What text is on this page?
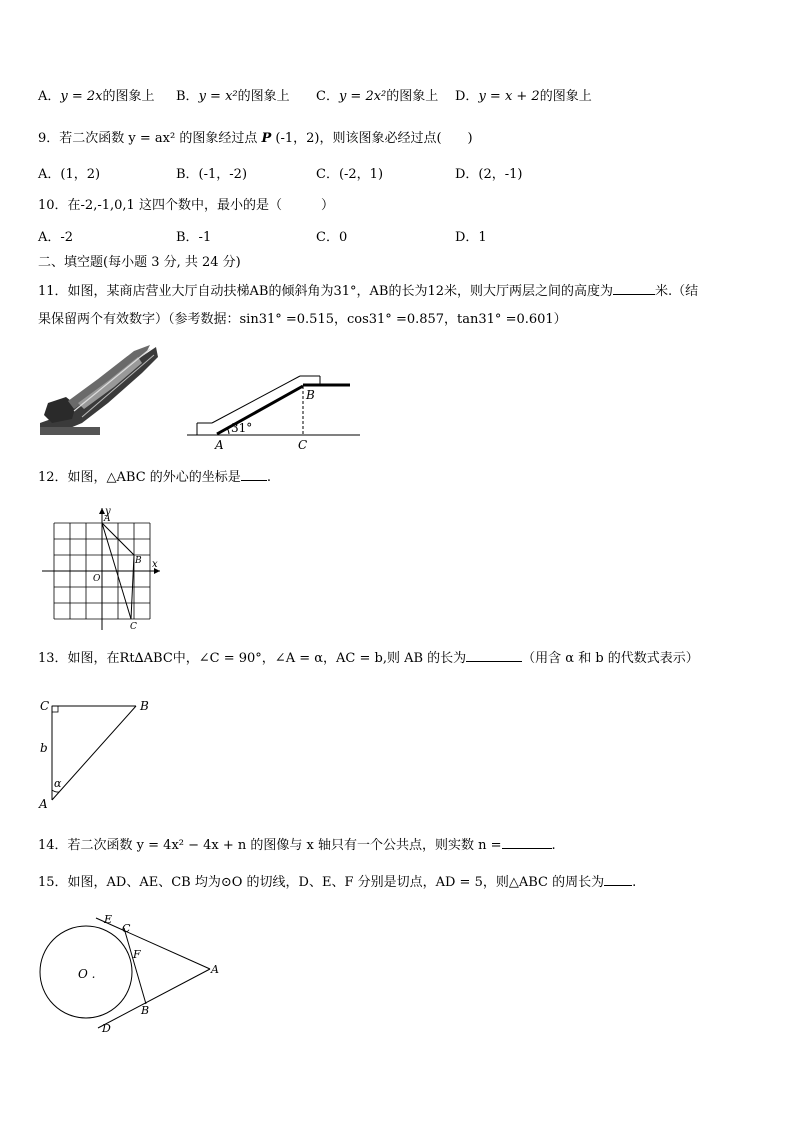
A．y = 2x的图象上 B．y = x²的图象上 C．y = 2x²的图象上 D．y = x + 2的图象上
9．若二次函数 y = ax² 的图象经过点 P (-1，2)，则该图象必经过点(　　)
A．(1，2)	B．(-1，-2)	C．(-2，1)	D．(2，-1)
10．在-2,-1,0,1 这四个数中，最小的是（　　　）
A．-2	B．-1	C．0	D．1
二、填空题(每小题 3 分, 共 24 分)
11．如图，某商店营业大厅自动扶梯AB的倾斜角为31°，AB的长为12米，则大厅两层之间的高度为	米.（结
果保留两个有效数字）（参考数据：sin31° =0.515，cos31° =0.857，tan31° =0.601）
31°
A
B
C
12．如图，△ABC 的外心的坐标是 .
x
y
O
A
B
C
13．如图，在Rt∆ABC中，∠C = 90°，∠A = α，AC = b,则 AB 的长为	（用含 α 和 b 的代数式表示）
C	B
A
b
α
14．若二次函数 y = 4x² − 4x + n 的图像与 x 轴只有一个公共点，则实数 n =	.
15．如图，AD、AE、CB 均为⊙O 的切线，D、E、F 分别是切点，AD = 5，则△ABC 的周长为 .
O .	A
B
C
D
E
F
